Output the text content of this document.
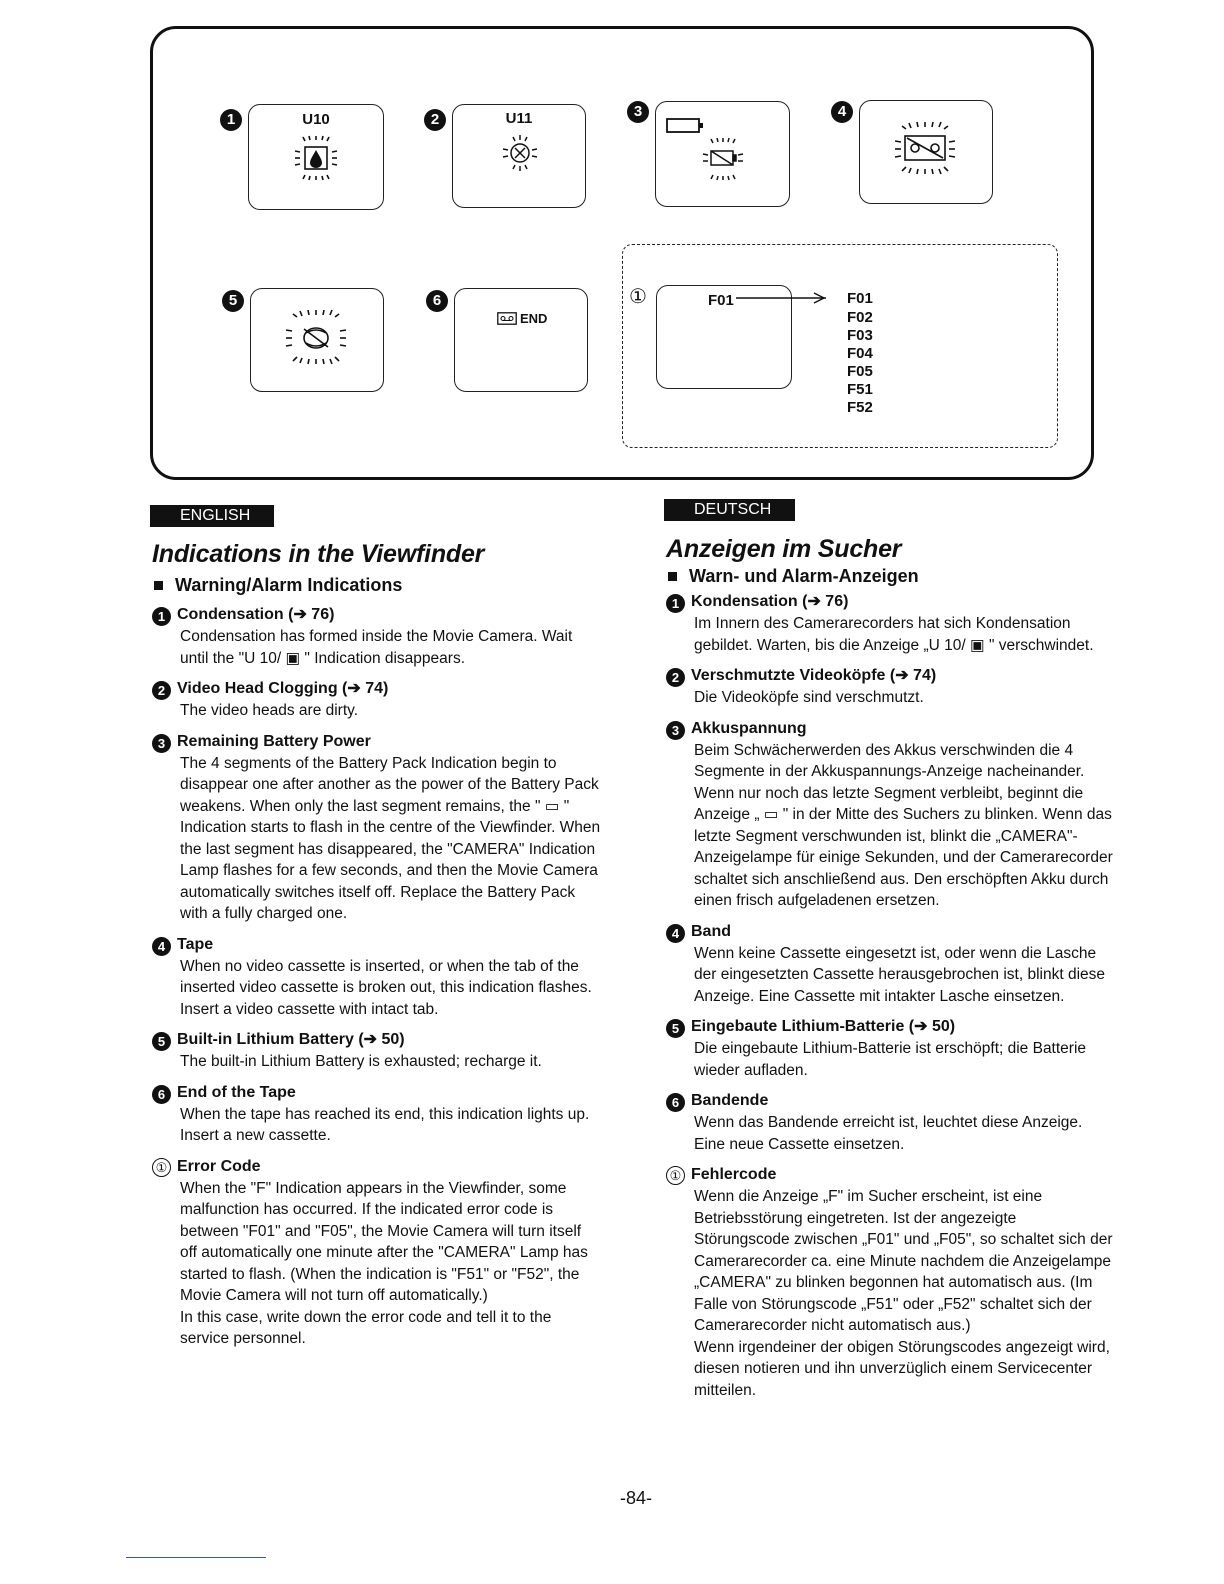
1	2	3	4
5	6
U10	U11
END
①	F01	F01
F02
F03
F04
F05
F51
F52
ENGLISH
Indications in the Viewfinder
Warning/Alarm Indications
1 Condensation (➔ 76)
Condensation has formed inside the Movie Camera. Wait until the "U 10/ ▣ " Indication disappears.
2 Video Head Clogging (➔ 74)
The video heads are dirty.
3 Remaining Battery Power
The 4 segments of the Battery Pack Indication begin to disappear one after another as the power of the Battery Pack weakens. When only the last segment remains, the " ▭ " Indication starts to flash in the centre of the Viewfinder. When the last segment has disappeared, the "CAMERA" Indication Lamp flashes for a few seconds, and then the Movie Camera automatically switches itself off. Replace the Battery Pack with a fully charged one.
4 Tape
When no video cassette is inserted, or when the tab of the inserted video cassette is broken out, this indication flashes. Insert a video cassette with intact tab.
5 Built-in Lithium Battery (➔ 50)
The built-in Lithium Battery is exhausted; recharge it.
6 End of the Tape
When the tape has reached its end, this indication lights up.
Insert a new cassette.
① Error Code
When the "F" Indication appears in the Viewfinder, some malfunction has occurred. If the indicated error code is between "F01" and "F05", the Movie Camera will turn itself off automatically one minute after the "CAMERA" Lamp has started to flash. (When the indication is "F51" or "F52", the Movie Camera will not turn off automatically.)
In this case, write down the error code and tell it to the service personnel.
DEUTSCH
Anzeigen im Sucher
Warn- und Alarm-Anzeigen
1 Kondensation (➔ 76)
Im Innern des Camerarecorders hat sich Kondensation gebildet. Warten, bis die Anzeige „U 10/ ▣ " verschwindet.
2 Verschmutzte Videoköpfe (➔ 74)
Die Videoköpfe sind verschmutzt.
3 Akkuspannung
Beim Schwächerwerden des Akkus verschwinden die 4 Segmente in der Akkuspannungs-Anzeige nacheinander. Wenn nur noch das letzte Segment verbleibt, beginnt die Anzeige „ ▭ " in der Mitte des Suchers zu blinken. Wenn das letzte Segment verschwunden ist, blinkt die „CAMERA"-Anzeigelampe für einige Sekunden, und der Camerarecorder schaltet sich anschließend aus. Den erschöpften Akku durch einen frisch aufgeladenen ersetzen.
4 Band
Wenn keine Cassette eingesetzt ist, oder wenn die Lasche der eingesetzten Cassette herausgebrochen ist, blinkt diese Anzeige. Eine Cassette mit intakter Lasche einsetzen.
5 Eingebaute Lithium-Batterie (➔ 50)
Die eingebaute Lithium-Batterie ist erschöpft; die Batterie wieder aufladen.
6 Bandende
Wenn das Bandende erreicht ist, leuchtet diese Anzeige. Eine neue Cassette einsetzen.
① Fehlercode
Wenn die Anzeige „F" im Sucher erscheint, ist eine Betriebsstörung eingetreten. Ist der angezeigte Störungscode zwischen „F01" und „F05", so schaltet sich der Camerarecorder ca. eine Minute nachdem die Anzeigelampe „CAMERA" zu blinken begonnen hat automatisch aus. (Im Falle von Störungscode „F51" oder „F52" schaltet sich der Camerarecorder nicht automatisch aus.)
Wenn irgendeiner der obigen Störungscodes angezeigt wird, diesen notieren und ihn unverzüglich einem Servicecenter mitteilen.
-84-
